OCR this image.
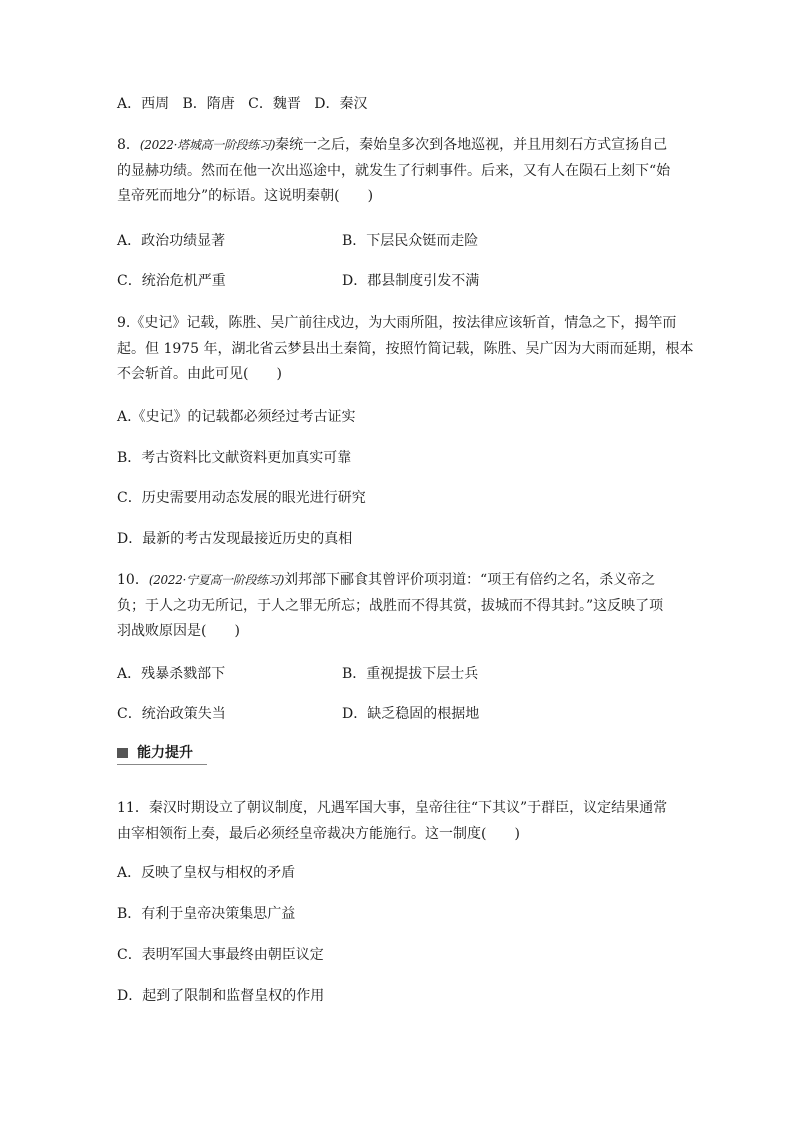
A．西周 B．隋唐 C．魏晋 D．秦汉
8．(2022·塔城高一阶段练习)秦统一之后，秦始皇多次到各地巡视，并且用刻石方式宣扬自己
的显赫功绩。然而在他一次出巡途中，就发生了行刺事件。后来，又有人在陨石上刻下“始
皇帝死而地分”的标语。这说明秦朝(　　)
A．政治功绩显著	B．下层民众铤而走险
C．统治危机严重	D．郡县制度引发不满
9.《史记》记载，陈胜、吴广前往戍边，为大雨所阻，按法律应该斩首，情急之下，揭竿而
起。但 1975 年，湖北省云梦县出土秦简，按照竹简记载，陈胜、吴广因为大雨而延期，根本
不会斩首。由此可见(　　)
A.《史记》的记载都必须经过考古证实
B．考古资料比文献资料更加真实可靠
C．历史需要用动态发展的眼光进行研究
D．最新的考古发现最接近历史的真相
10．(2022·宁夏高一阶段练习)刘邦部下郦食其曾评价项羽道：“项王有倍约之名，杀义帝之
负；于人之功无所记，于人之罪无所忘；战胜而不得其赏，拔城而不得其封。”这反映了项
羽战败原因是(　　)
A．残暴杀戮部下	B．重视提拔下层士兵
C．统治政策失当	D．缺乏稳固的根据地
能力提升
11．秦汉时期设立了朝议制度，凡遇军国大事，皇帝往往“下其议”于群臣，议定结果通常
由宰相领衔上奏，最后必须经皇帝裁决方能施行。这一制度(　　)
A．反映了皇权与相权的矛盾
B．有利于皇帝决策集思广益
C．表明军国大事最终由朝臣议定
D．起到了限制和监督皇权的作用
